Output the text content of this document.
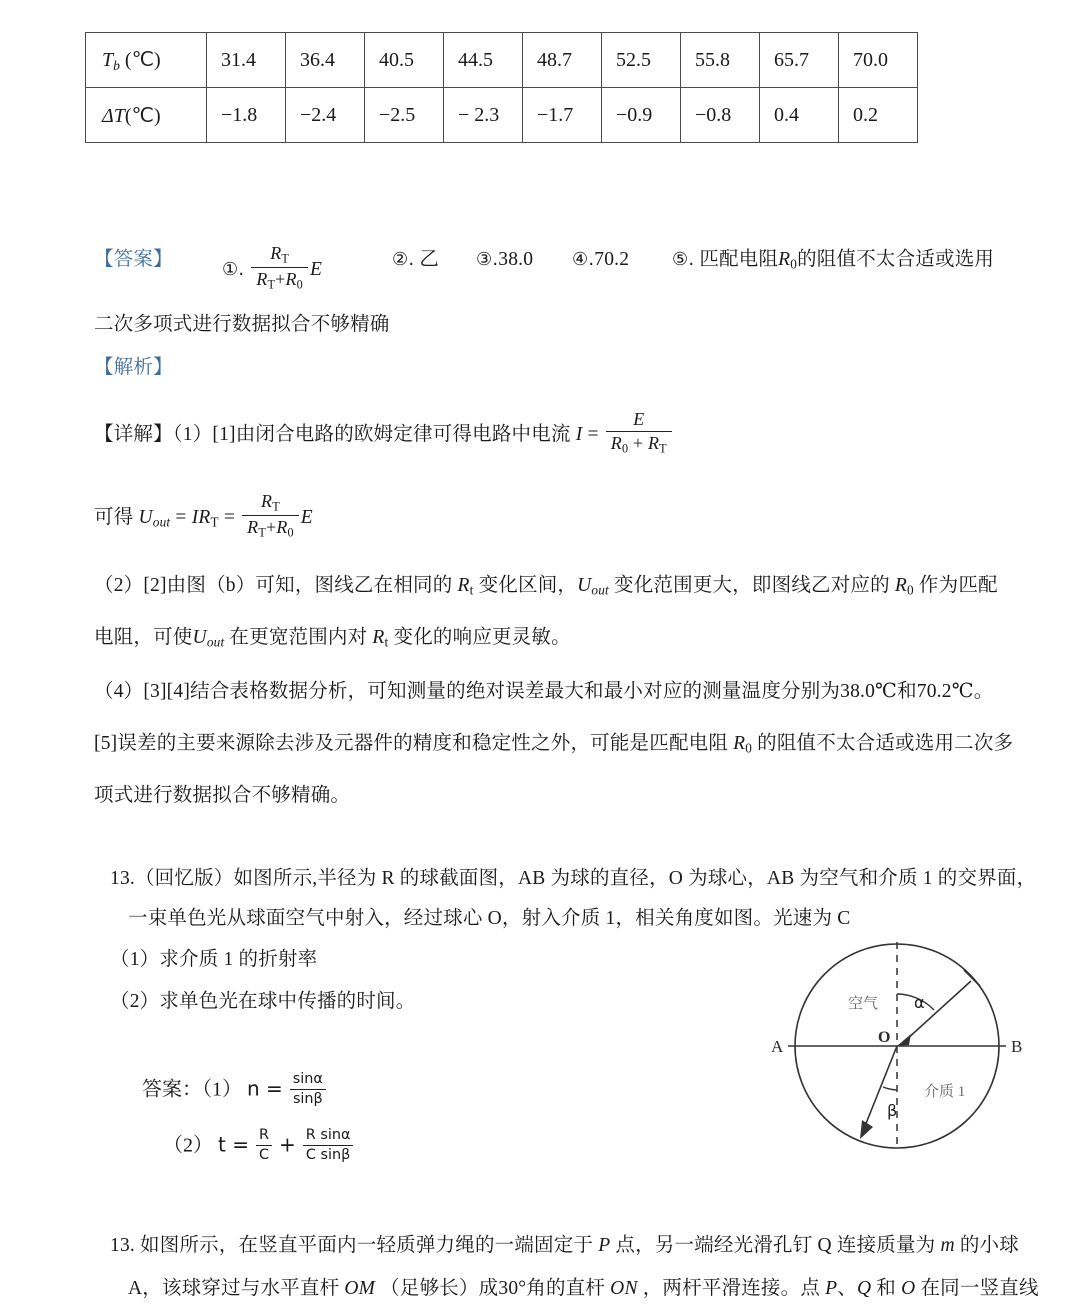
$T_b$ (℃)	31.4	36.4	40.5	44.5	48.7	52.5	55.8	65.7	70.0
ΔT(℃)	−1.8	−2.4	−2.5	− 2.3	−1.7	−0.9	−0.8	0.4	0.2
【答案】	①. $\frac{RT}{RT+R0}$ E	②. 乙 ③.38.0 ④.70.2 ⑤. 匹配电阻R0的阻值不太合适或选用
二次多项式进行数据拟合不够精确
【解析】
【详解】（1）[1]由闭合电路的欧姆定律可得电路中电流 $I = \frac{E}{R0 + RT}$
可得 $U_{out}$ = IRT = $\frac{RT}{RT+R0}$ E
（2）[2]由图（b）可知，图线乙在相同的 Rt 变化区间，$U_{out}$ 变化范围更大，即图线乙对应的 R0 作为匹配
电阻，可使$U_{out}$ 在更宽范围内对 Rt 变化的响应更灵敏。
（4）[3][4]结合表格数据分析，可知测量的绝对误差最大和最小对应的测量温度分别为38.0℃和70.2℃。
[5]误差的主要来源除去涉及元器件的精度和稳定性之外，可能是匹配电阻 R0 的阻值不太合适或选用二次多
项式进行数据拟合不够精确。
13.（回忆版）如图所示,半径为 R 的球截面图，AB 为球的直径，O 为球心，AB 为空气和介质 1 的交界面，
一束单色光从球面空气中射入，经过球心 O，射入介质 1，相关角度如图。光速为 C
（1）求介质 1 的折射率
（2）求单色光在球中传播的时间。
A	B
O
空气
介质 1
α
β
答案：（1） $n = \frac{\sin\alpha}{\sin\beta}$
（2） $t = \frac{R}{C} + \frac{\text{R sinα}}{\text{C sinβ}}$
13. 如图所示，在竖直平面内一轻质弹力绳的一端固定于 P 点，另一端经光滑孔钉 Q 连接质量为 m 的小球
A，该球穿过与水平直杆 OM （足够长）成30°角的直杆 ON ，两杆平滑连接。点 P、Q 和 O 在同一竖直线
